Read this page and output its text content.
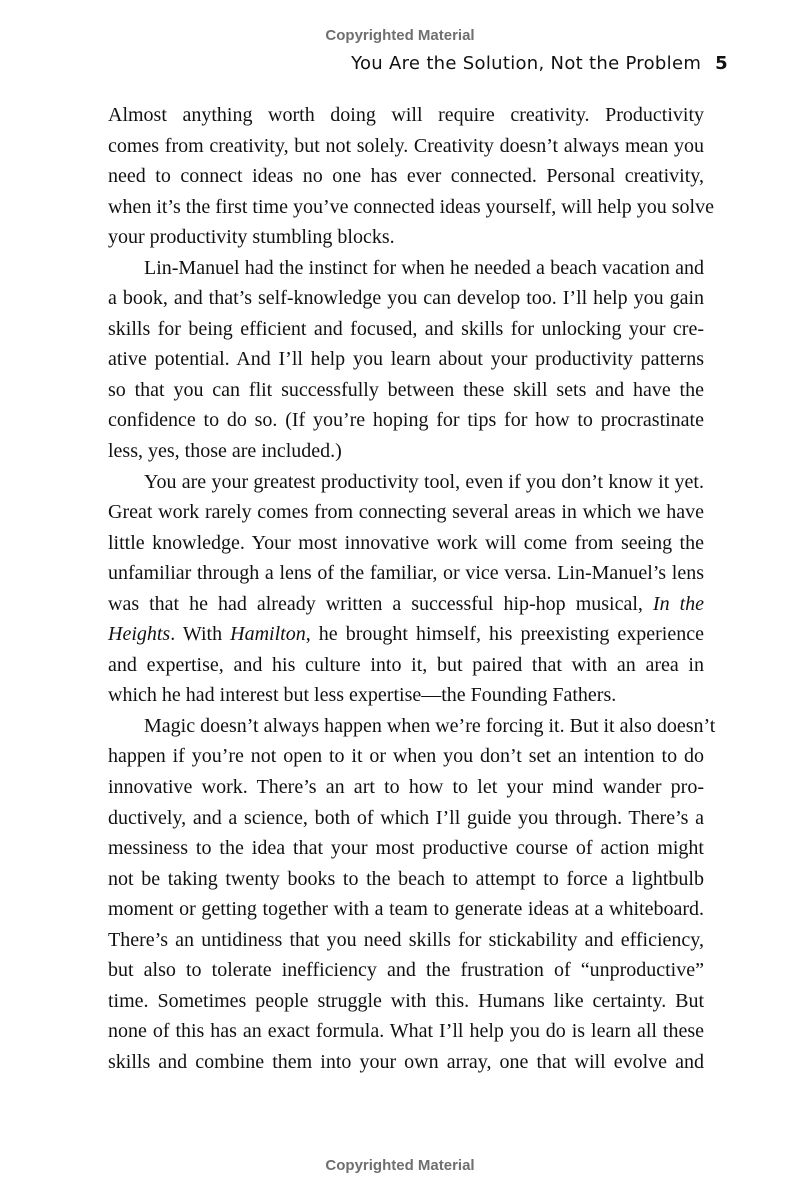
Copyrighted Material
You Are the Solution, Not the Problem 5
Almost anything worth doing will require creativity. Productivity
comes from creativity, but not solely. Creativity doesn’t always mean you
need to connect ideas no one has ever connected. Personal creativity,
when it’s the first time you’ve connected ideas yourself, will help you solve
your productivity stumbling blocks.
Lin-Manuel had the instinct for when he needed a beach vacation and
a book, and that’s self-knowledge you can develop too. I’ll help you gain
skills for being efficient and focused, and skills for unlocking your cre-
ative potential. And I’ll help you learn about your productivity patterns
so that you can flit successfully between these skill sets and have the
confidence to do so. (If you’re hoping for tips for how to procrastinate
less, yes, those are included.)
You are your greatest productivity tool, even if you don’t know it yet.
Great work rarely comes from connecting several areas in which we have
little knowledge. Your most innovative work will come from seeing the
unfamiliar through a lens of the familiar, or vice versa. Lin-Manuel’s lens
was that he had already written a successful hip-hop musical, In the
Heights. With Hamilton, he brought himself, his preexisting experience
and expertise, and his culture into it, but paired that with an area in
which he had interest but less expertise—the Founding Fathers.
Magic doesn’t always happen when we’re forcing it. But it also doesn’t
happen if you’re not open to it or when you don’t set an intention to do
innovative work. There’s an art to how to let your mind wander pro-
ductively, and a science, both of which I’ll guide you through. There’s a
messiness to the idea that your most productive course of action might
not be taking twenty books to the beach to attempt to force a lightbulb
moment or getting together with a team to generate ideas at a whiteboard.
There’s an untidiness that you need skills for stickability and efficiency,
but also to tolerate inefficiency and the frustration of “unproductive”
time. Sometimes people struggle with this. Humans like certainty. But
none of this has an exact formula. What I’ll help you do is learn all these
skills and combine them into your own array, one that will evolve and
Copyrighted Material
